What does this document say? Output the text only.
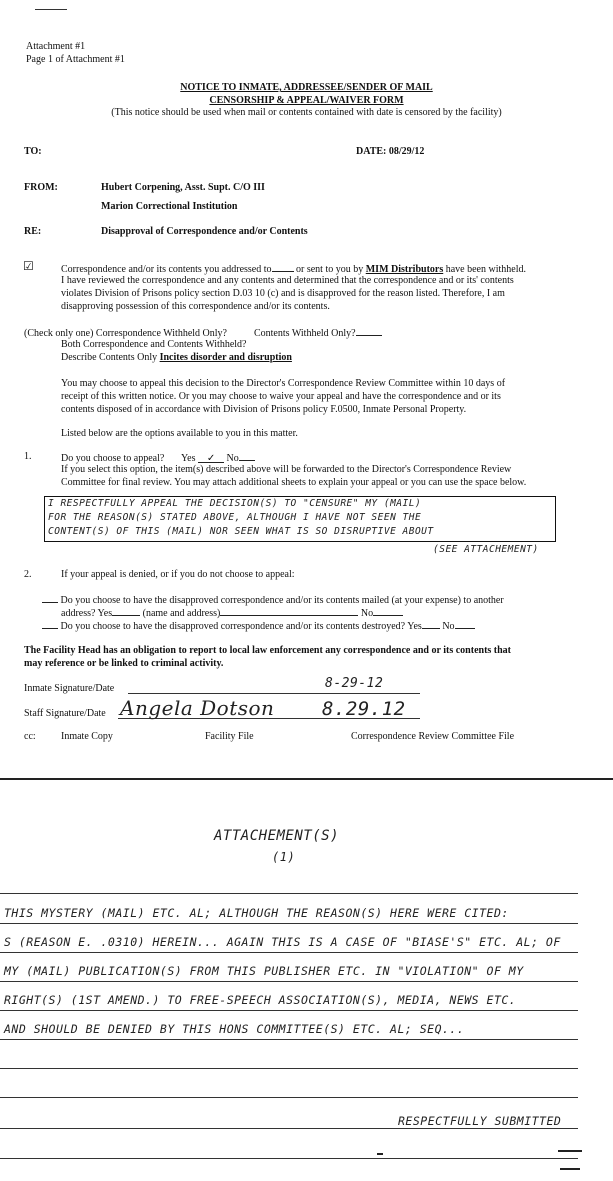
Attachment #1
Page 1 of Attachment #1
NOTICE TO INMATE, ADDRESSEE/SENDER OF MAIL
CENSORSHIP & APPEAL/WAIVER FORM
(This notice should be used when mail or contents contained with date is censored by the facility)
TO:	DATE: 08/29/12
FROM:	Hubert Corpening, Asst. Supt. C/O III
Marion Correctional Institution
RE:	Disapproval of Correspondence and/or Contents
☑	Correspondence and/or its contents you addressed to or sent to you by MIM Distributors have been withheld.
I have reviewed the correspondence and any contents and determined that the correspondence and or its' contents
violates Division of Prisons policy section D.03 10 (c) and is disapproved for the reason listed. Therefore, I am
disapproving possession of this correspondence and/or its contents.
(Check only one) Correspondence Withheld Only?	Contents Withheld Only?
Both Correspondence and Contents Withheld?
Describe Contents Only Incites disorder and disruption
You may choose to appeal this decision to the Director's Correspondence Review Committee within 10 days of
receipt of this written notice. Or you may choose to waive your appeal and have the correspondence and or its
contents disposed of in accordance with Division of Prisons policy F.0500, Inmate Personal Property.
Listed below are the options available to you in this matter.
1.	Do you choose to appeal? Yes ✓ No
If you select this option, the item(s) described above will be forwarded to the Director's Correspondence Review
Committee for final review. You may attach additional sheets to explain your appeal or you can use the space below.
I RESPECTFULLY APPEAL THE DECISION(S) TO "CENSURE" MY (MAIL)
FOR THE REASON(S) STATED ABOVE, ALTHOUGH I HAVE NOT SEEN THE
CONTENT(S) OF THIS (MAIL) NOR SEEN WHAT IS SO DISRUPTIVE ABOUT
(SEE ATTACHEMENT)
2.	If your appeal is denied, or if you do not choose to appeal:
Do you choose to have the disapproved correspondence and/or its contents mailed (at your expense) to another
address? Yes	(name and address)	No
Do you choose to have the disapproved correspondence and/or its contents destroyed? Yes No
The Facility Head has an obligation to report to local law enforcement any correspondence and or its contents that
may reference or be linked to criminal activity.
Inmate Signature/Date	8-29-12
Staff Signature/Date Angela Dotson	8.29.12
cc:	Inmate Copy	Facility File	Correspondence Review Committee File
ATTACHEMENT(S)
(1)
THIS MYSTERY (MAIL) ETC. AL; ALTHOUGH THE REASON(S) HERE WERE CITED:
S (REASON E. .0310) HEREIN... AGAIN THIS IS A CASE OF "BIASE'S" ETC. AL; OF
MY (MAIL) PUBLICATION(S) FROM THIS PUBLISHER ETC. IN "VIOLATION" OF MY
RIGHT(S) (1ST AMEND.) TO FREE-SPEECH ASSOCIATION(S), MEDIA, NEWS ETC.
AND SHOULD BE DENIED BY THIS HONS COMMITTEE(S) ETC. AL; SEQ...
RESPECTFULLY SUBMITTED
